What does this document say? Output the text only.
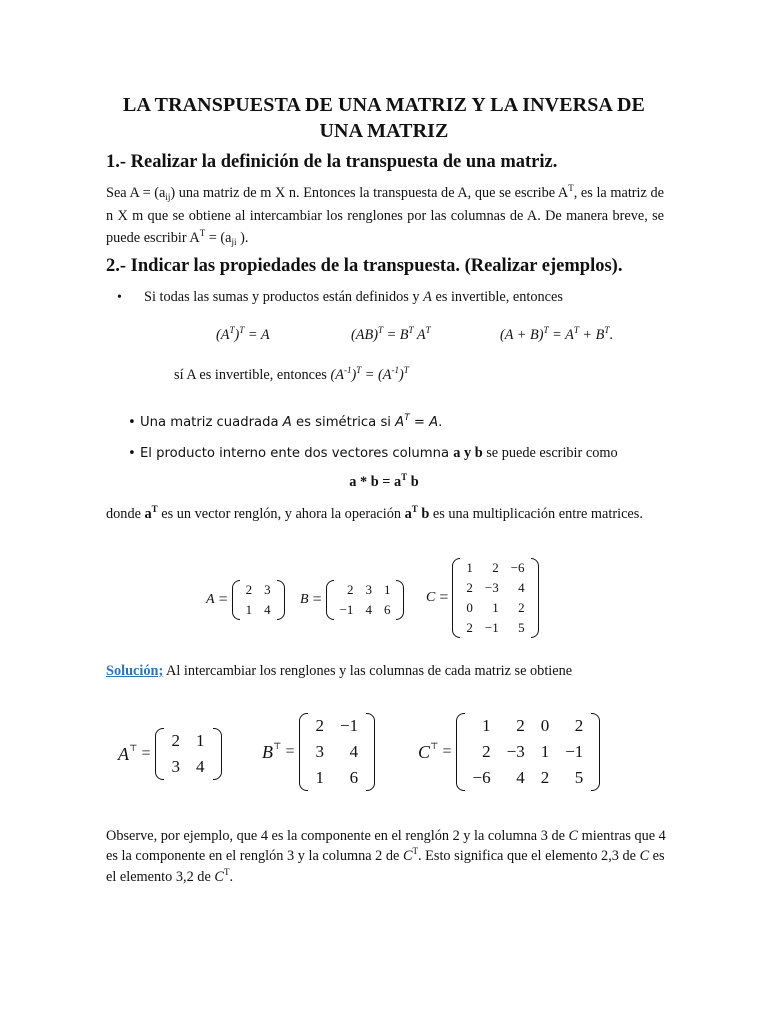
LA TRANSPUESTA DE UNA MATRIZ Y LA INVERSA DE
UNA MATRIZ
1.- Realizar la definición de la transpuesta de una matriz.
Sea $A = (a_{ij})$ una matriz de m X n. Entonces la transpuesta de A, que se escribe $A^T$, es la matriz de n X m que se obtiene al intercambiar los renglones por las columnas de A. De manera breve, se puede escribir $A^T = (a_{ji}$ ).
2.- Indicar las propiedades de la transpuesta. (Realizar ejemplos).
• Si todas las sumas y productos están definidos y A es invertible, entonces
$(A^T)^T = A$	$(AB)^T = B^T$ $A^T$	$(A + B)^T = A^T + B^T$.
sí A es invertible, entonces $(A^{-1})^T = (A^{-1})^T$
• Una matriz cuadrada A es simétrica si $A^T = A$.
• El producto interno ente dos vectores columna a y b se puede escribir como
$a * b = a^T$ b
donde $a^T$ es un vector renglón, y ahora la operación $a^T$ b es una multiplicación entre matrices.
A =
2	3
1	4
B =
2	3	1
−1	4	6
C =
1	2	−6
2	−3	4
0	1	2
2	−1	5
Solución; Al intercambiar los renglones y las columnas de cada matriz se obtiene
A⊤ =
2	1
3	4
B⊤ =
2	−1
3	4
1	6
C⊤ =
1	2	0	2
2	−3	1	−1
−6	4	2	5
Observe, por ejemplo, que 4 es la componente en el renglón 2 y la columna 3 de C mientras que 4 es la componente en el renglón 3 y la columna 2 de $C^T$. Esto significa que el elemento 2,3 de C es el elemento 3,2 de $C^T$.
